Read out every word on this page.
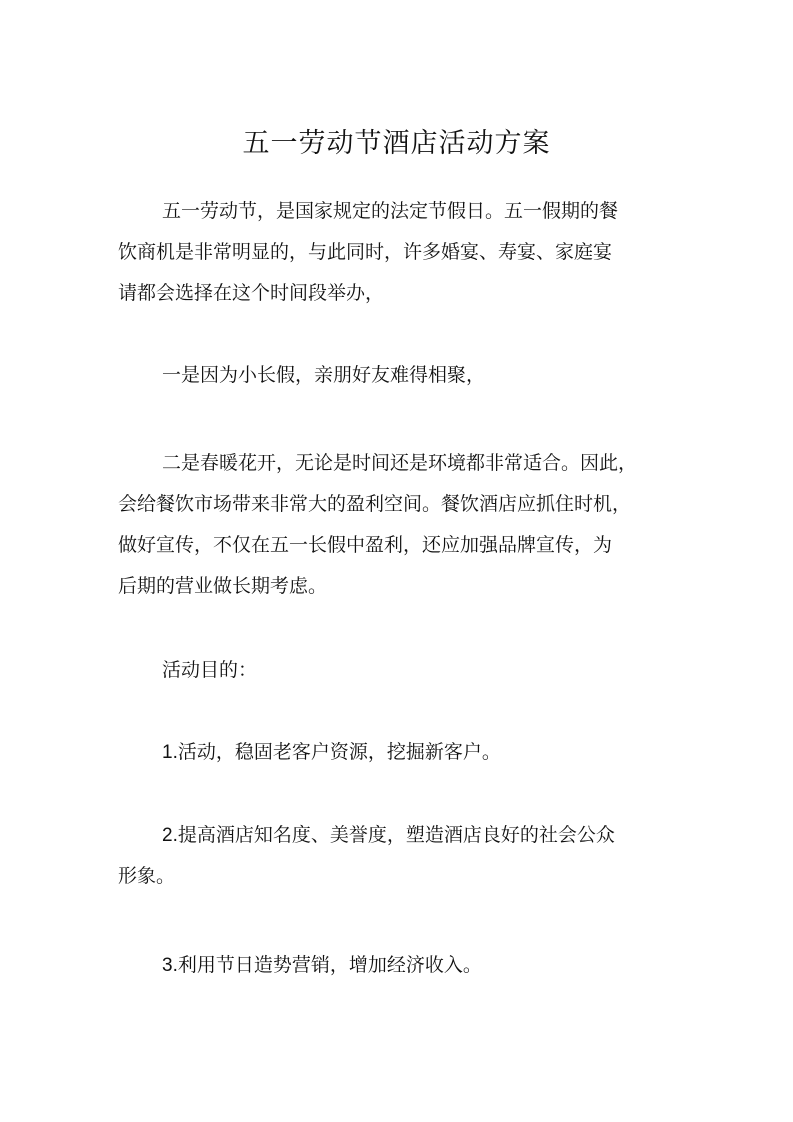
五一劳动节酒店活动方案
五一劳动节，是国家规定的法定节假日。五一假期的餐
饮商机是非常明显的，与此同时，许多婚宴、寿宴、家庭宴
请都会选择在这个时间段举办，
一是因为小长假，亲朋好友难得相聚，
二是春暖花开，无论是时间还是环境都非常适合。因此，
会给餐饮市场带来非常大的盈利空间。餐饮酒店应抓住时机，
做好宣传，不仅在五一长假中盈利，还应加强品牌宣传，为
后期的营业做长期考虑。
活动目的：
1.活动，稳固老客户资源，挖掘新客户。
2.提高酒店知名度、美誉度，塑造酒店良好的社会公众
形象。
3.利用节日造势营销，增加经济收入。
